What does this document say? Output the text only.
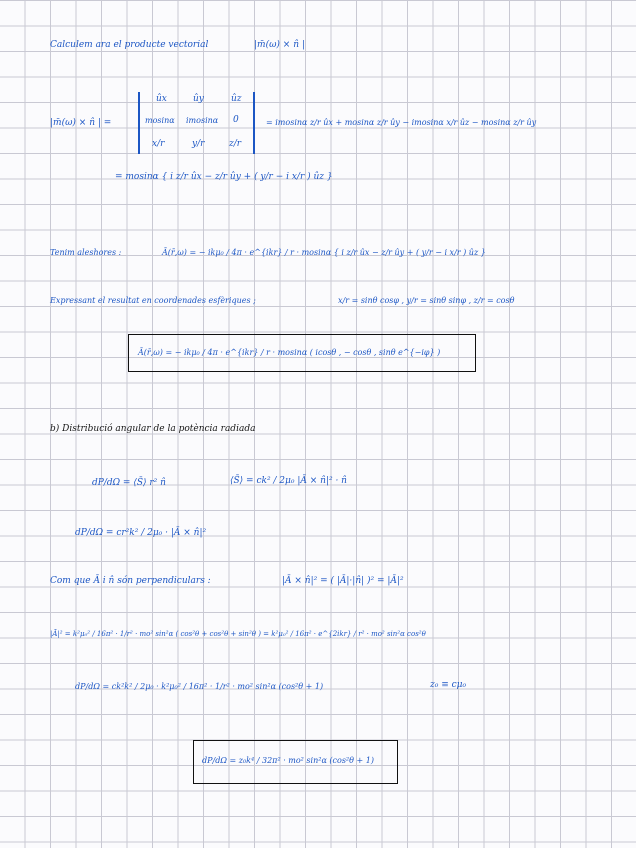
Calculem ara el producte vectorial	|m̄(ω) × n̂ |
|m̄(ω) × n̂ | =
ûx	ûy	ûz
mosinα imosinα 0
x/r	y/r	z/r
= imosinα z/r ûx + mosinα z/r ûy − imosinα x/r ûz − mosinα z/r ûy
= mosinα { i z/r ûx − z/r ûy + ( y/r − i x/r ) ûz }
Tenim aleshores :	Ā(r̄,ω) = − ikμ₀ / 4π · e^{ikr} / r · mosinα { i z/r ûx − z/r ûy + ( y/r − i x/r ) ûz }
Expressant el resultat en coordenades esfèriques ;	x/r = sinθ cosφ , y/r = sinθ sinφ , z/r = cosθ
Ā(r̄,ω) = − ikμ₀ / 4π · e^{ikr} / r · mosinα ( icosθ , − cosθ , sinθ e^{−iφ} )
b) Distribució angular de la potència radiada
dP/dΩ = ⟨S̄⟩ r² n̂	⟨S̄⟩ = ck² / 2μ₀ |Ā × n̂|² · n̂
dP/dΩ = cr²k² / 2μ₀ · |Ā × n̂|²
Com que Ā i n̂ són perpendiculars :	|Ā × n̂|² = ( |Ā|·|n̂| )² = |Ā|²
|Ā|² = k²μ₀² / 16π² · 1/r² · mo² sin²α ( cos²θ + cos²θ + sin²θ ) = k²μ₀² / 16π² · e^{2ikr} / r² · mo² sin²α cos²θ
dP/dΩ = ck²k² / 2μ₀ · k²μ₀² / 16π² · 1/r² · mo² sin²α (cos²θ + 1)	z₀ ≡ cμ₀
dP/dΩ = z₀k⁴ / 32π² · mo² sin²α (cos²θ + 1)
